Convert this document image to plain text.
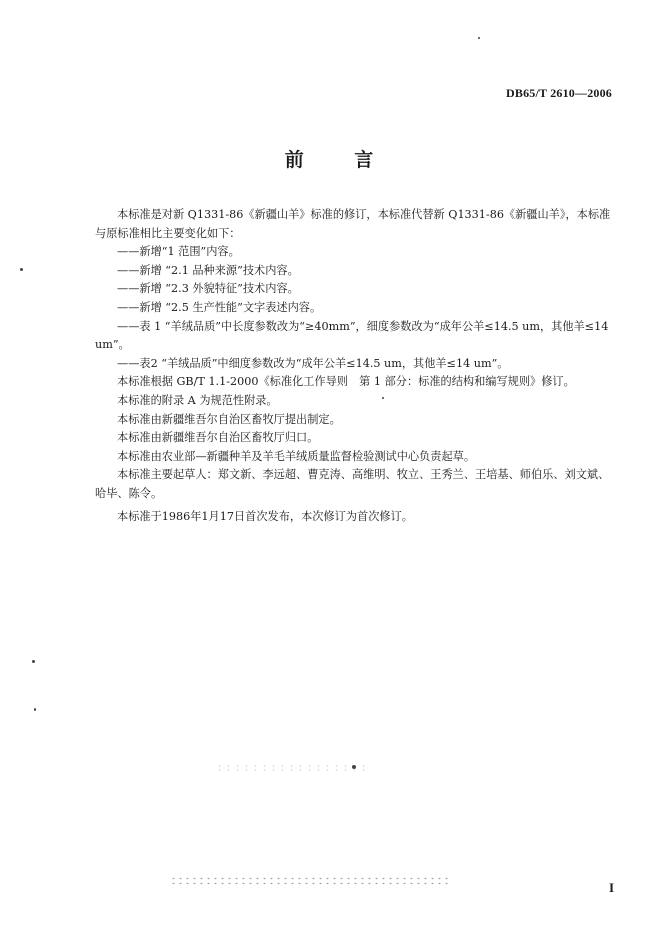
DB65/T 2610—2006
前 言

本标准是对新 Q1331-86《新疆山羊》标准的修订，本标准代替新 Q1331-86《新疆山羊》，本标准与原标准相比主要变化如下：

——新增“1 范围”内容。

——新增 “2.1 品种来源”技术内容。

——新增 “2.3 外貌特征”技术内容。

——新增 “2.5 生产性能”文字表述内容。

——表 1 “羊绒品质”中长度参数改为“≥40mm”，细度参数改为“成年公羊≤14.5 um，其他羊≤14 um”。

——表2 “羊绒品质”中细度参数改为“成年公羊≤14.5 um，其他羊≤14 um”。

本标准根据 GB/T 1.1-2000《标准化工作导则　第 1 部分：标准的结构和编写规则》修订。

本标准的附录 A 为规范性附录。

本标准由新疆维吾尔自治区畜牧厅提出制定。

本标准由新疆维吾尔自治区畜牧厅归口。

本标准由农业部—新疆种羊及羊毛羊绒质量监督检验测试中心负责起草。

本标准主要起草人：郑文新、李远超、曹克涛、高维明、牧立、王秀兰、王培基、师伯乐、刘文斌、哈毕、陈令。

本标准于1986年1月17日首次发布，本次修订为首次修订。

I
